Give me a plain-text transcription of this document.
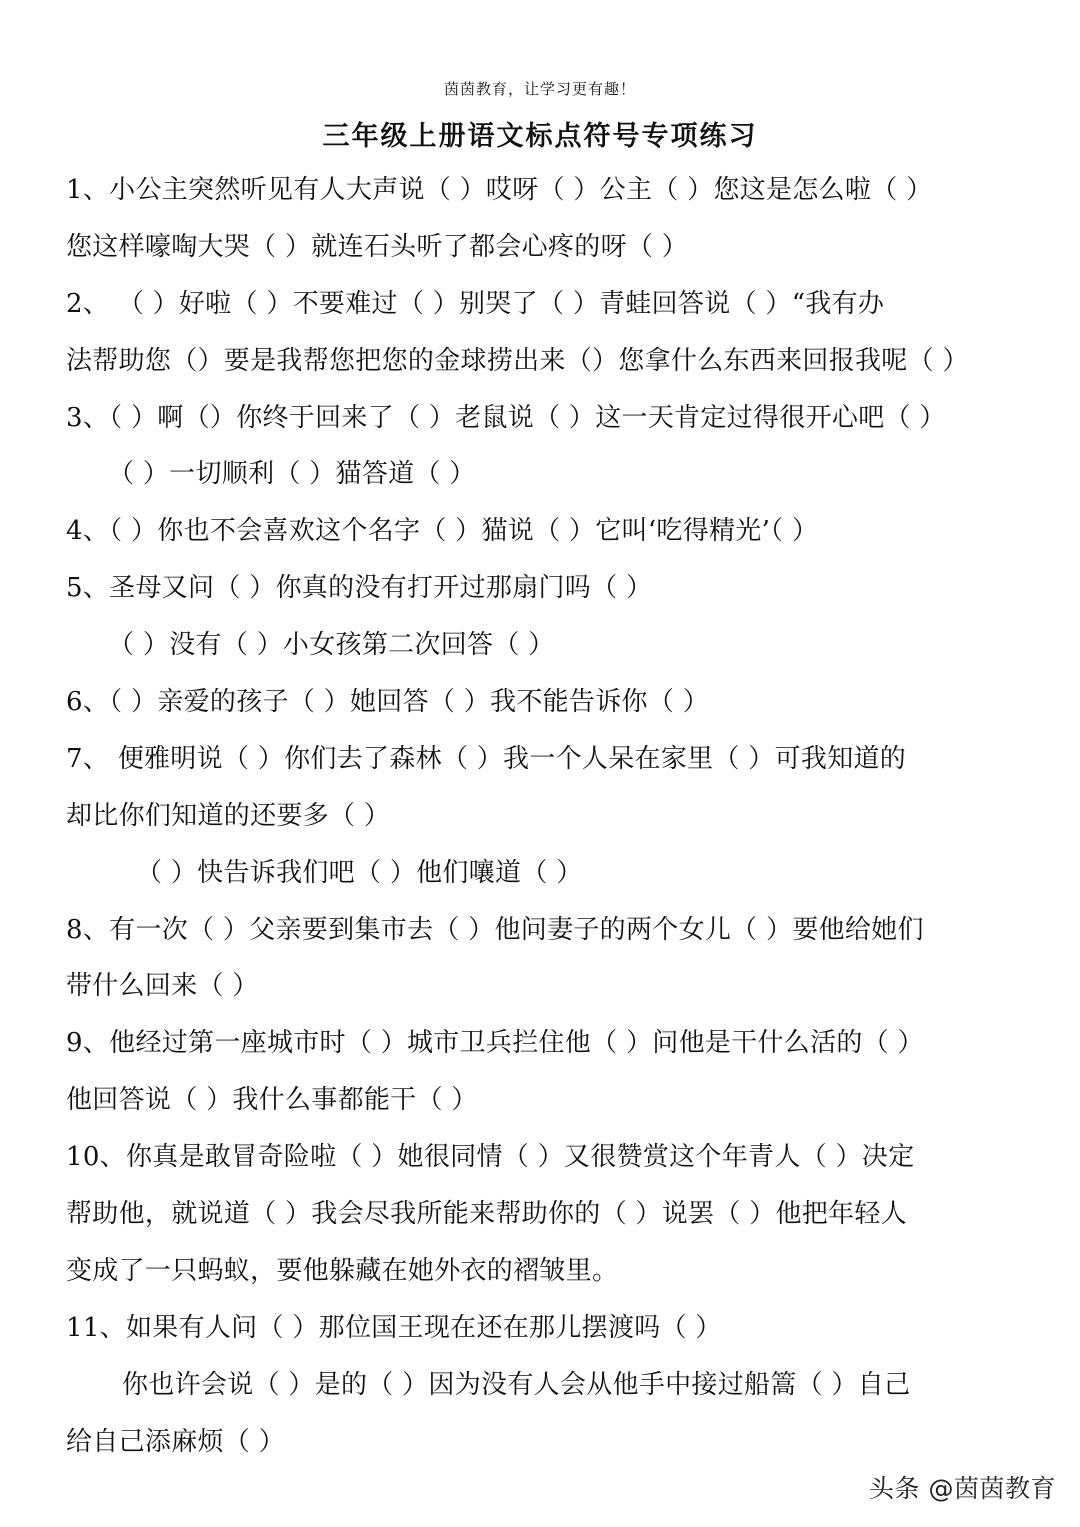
茵茵教育，让学习更有趣！
三年级上册语文标点符号专项练习
1、小公主突然听见有人大声说（ ）哎呀（ ）公主（ ）您这是怎么啦（ ）
您这样嚎啕大哭（ ）就连石头听了都会心疼的呀（ ）
2、 （ ）好啦（ ）不要难过（ ）别哭了（ ）青蛙回答说（ ）“我有办
法帮助您（）要是我帮您把您的金球捞出来（）您拿什么东西来回报我呢（ ）
3、（ ）啊（）你终于回来了（ ）老鼠说（ ）这一天肯定过得很开心吧（ ）
（ ）一切顺利（ ）猫答道（ ）
4、（ ）你也不会喜欢这个名字（ ）猫说（ ）它叫‘吃得精光’（ ）
5、圣母又问（ ）你真的没有打开过那扇门吗（ ）
（ ）没有（ ）小女孩第二次回答（ ）
6、（ ）亲爱的孩子（ ）她回答（ ）我不能告诉你（ ）
7、 便雅明说（ ）你们去了森林（ ）我一个人呆在家里（ ）可我知道的
却比你们知道的还要多（ ）
（ ）快告诉我们吧（ ）他们嚷道（ ）
8、有一次（ ）父亲要到集市去（ ）他问妻子的两个女儿（ ）要他给她们
带什么回来（ ）
9、他经过第一座城市时（ ）城市卫兵拦住他（ ）问他是干什么活的（ ）
他回答说（ ）我什么事都能干（ ）
10、你真是敢冒奇险啦（ ）她很同情（ ）又很赞赏这个年青人（ ）决定
帮助他，就说道（ ）我会尽我所能来帮助你的（ ）说罢（ ）他把年轻人
变成了一只蚂蚁，要他躲藏在她外衣的褶皱里。
11、如果有人问（ ）那位国王现在还在那儿摆渡吗（ ）
你也许会说（ ）是的（ ）因为没有人会从他手中接过船篙（ ）自己
给自己添麻烦（ ）
头条 @茵茵教育
